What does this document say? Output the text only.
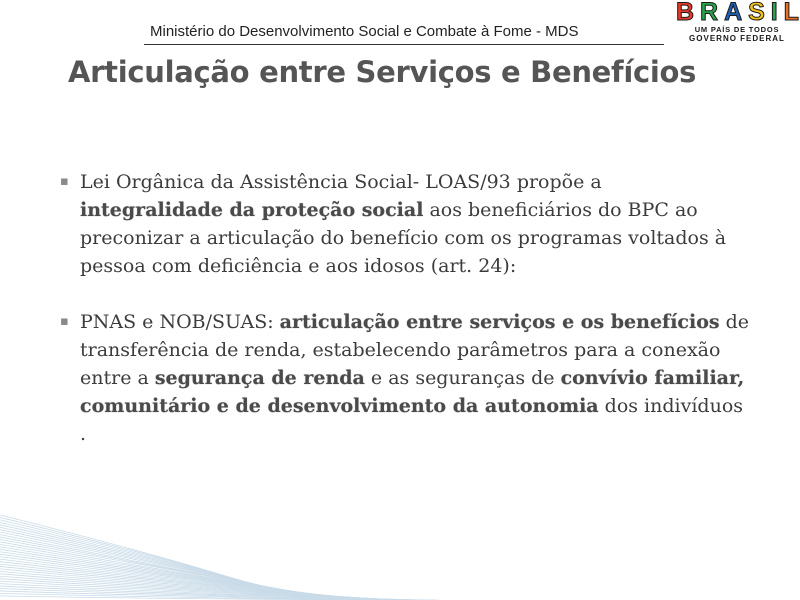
Ministério do Desenvolvimento Social e Combate à Fome - MDS
B R A S I L
UM PAÍS DE TODOS
GOVERNO FEDERAL
Articulação entre Serviços e Benefícios
▪ Lei Orgânica da Assistência Social- LOAS/93 propõe a integralidade da proteção social aos beneficiários do BPC ao preconizar a articulação do benefício com os programas voltados à pessoa com deficiência e aos idosos (art. 24):
▪ PNAS e NOB/SUAS: articulação entre serviços e os benefícios de transferência de renda, estabelecendo parâmetros para a conexão entre a segurança de renda e as seguranças de convívio familiar, comunitário e de desenvolvimento da autonomia dos indivíduos .
